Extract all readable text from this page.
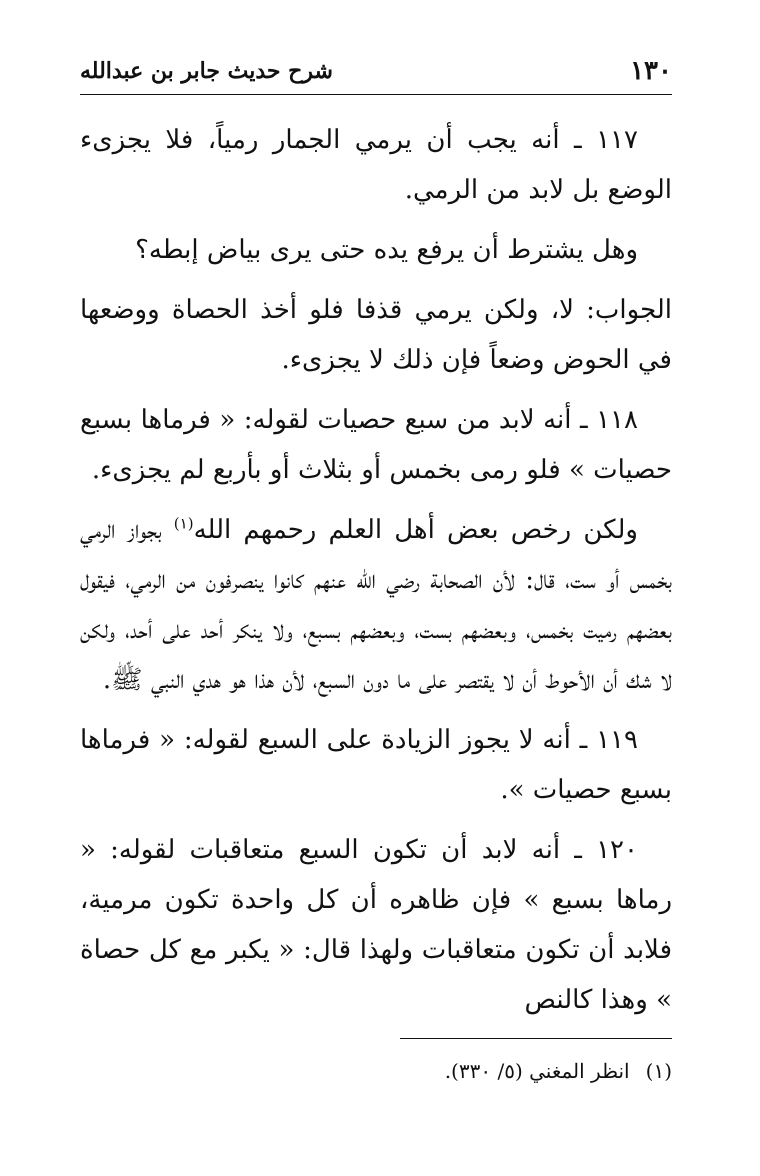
١٣٠
شرح حديث جابر بن عبدالله

١١٧ ـ أنه يجب أن يرمي الجمار رمياً، فلا يجزىء الوضع بل لابد من الرمي.

وهل يشترط أن يرفع يده حتى يرى بياض إبطه؟

الجواب: لا، ولكن يرمي قذفا فلو أخذ الحصاة ووضعها في الحوض وضعاً فإن ذلك لا يجزىء.

١١٨ ـ أنه لابد من سبع حصيات لقوله: « فرماها بسبع حصيات » فلو رمى بخمس أو بثلاث أو بأربع لم يجزىء.

ولكن رخص بعض أهل العلم رحمهم الله$^{(١)}$ بجواز الرمي بخمس أو ست، قال: لأن الصحابة رضي الله عنهم كانوا ينصرفون من الرمي، فيقول بعضهم رميت بخمس، وبعضهم بست، وبعضهم بسبع، ولا ينكر أحد على أحد، ولكن لا شك أن الأحوط أن لا يقتصر على ما دون السبع، لأن هذا هو هدي النبي ﷺ.

١١٩ ـ أنه لا يجوز الزيادة على السبع لقوله: « فرماها بسبع حصيات ».

١٢٠ ـ أنه لابد أن تكون السبع متعاقبات لقوله: « رماها بسبع » فإن ظاهره أن كل واحدة تكون مرمية، فلابد أن تكون متعاقبات ولهذا قال: « يكبر مع كل حصاة » وهذا كالنص

(١)انظر المغني (٥/ ٣٣٠).
